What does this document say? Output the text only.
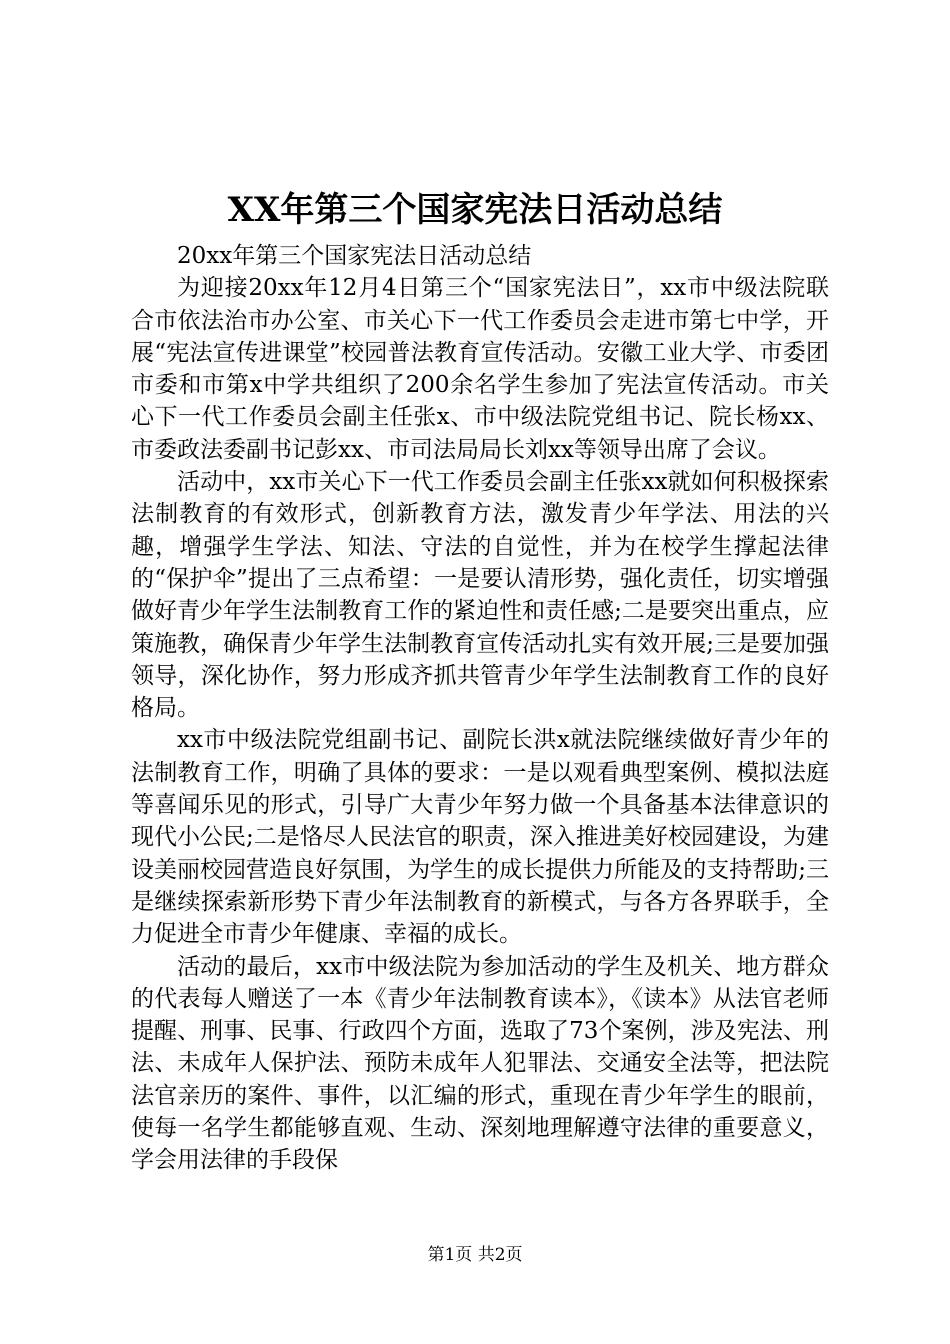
XX年第三个国家宪法日活动总结

20xx年第三个国家宪法日活动总结

为迎接20xx年12月4日第三个“国家宪法日”，xx市中级法院联合市依法治市办公室、市关心下一代工作委员会走进市第七中学，开展“宪法宣传进课堂”校园普法教育宣传活动。安徽工业大学、市委团市委和市第x中学共组织了200余名学生参加了宪法宣传活动。市关心下一代工作委员会副主任张x、市中级法院党组书记、院长杨xx、市委政法委副书记彭xx、市司法局局长刘xx等领导出席了会议。

活动中，xx市关心下一代工作委员会副主任张xx就如何积极探索法制教育的有效形式，创新教育方法，激发青少年学法、用法的兴趣，增强学生学法、知法、守法的自觉性，并为在校学生撑起法律的“保护伞”提出了三点希望：一是要认清形势，强化责任，切实增强做好青少年学生法制教育工作的紧迫性和责任感;二是要突出重点，应策施教，确保青少年学生法制教育宣传活动扎实有效开展;三是要加强领导，深化协作，努力形成齐抓共管青少年学生法制教育工作的良好格局。

xx市中级法院党组副书记、副院长洪x就法院继续做好青少年的法制教育工作，明确了具体的要求：一是以观看典型案例、模拟法庭等喜闻乐见的形式，引导广大青少年努力做一个具备基本法律意识的现代小公民;二是恪尽人民法官的职责，深入推进美好校园建设，为建设美丽校园营造良好氛围，为学生的成长提供力所能及的支持帮助;三是继续探索新形势下青少年法制教育的新模式，与各方各界联手，全力促进全市青少年健康、幸福的成长。

活动的最后，xx市中级法院为参加活动的学生及机关、地方群众的代表每人赠送了一本《青少年法制教育读本》，《读本》从法官老师提醒、刑事、民事、行政四个方面，选取了73个案例，涉及宪法、刑法、未成年人保护法、预防未成年人犯罪法、交通安全法等，把法院法官亲历的案件、事件，以汇编的形式，重现在青少年学生的眼前，使每一名学生都能够直观、生动、深刻地理解遵守法律的重要意义，学会用法律的手段保

第1页 共2页
